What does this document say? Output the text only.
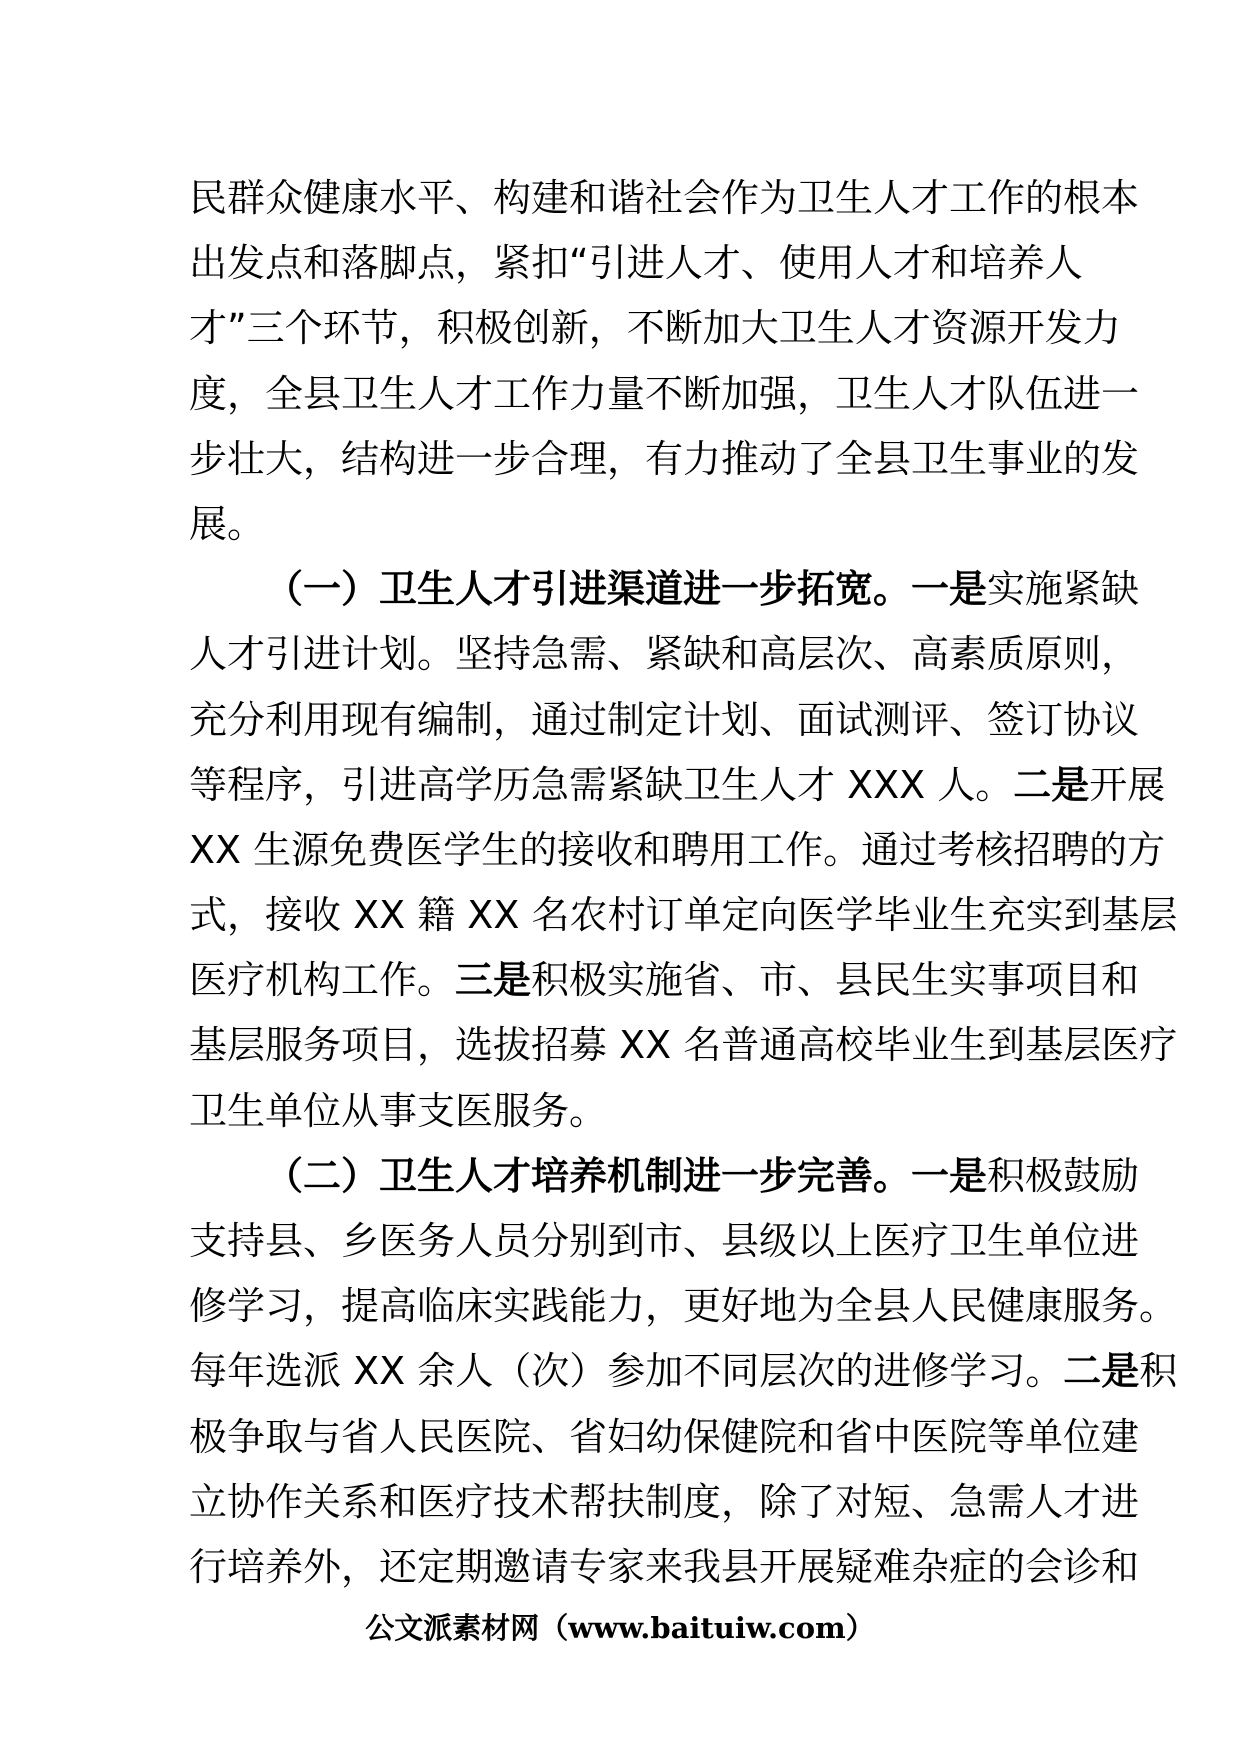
民群众健康水平、构建和谐社会作为卫生人才工作的根本
出发点和落脚点，紧扣“引进人才、使用人才和培养人
才”三个环节，积极创新，不断加大卫生人才资源开发力
度，全县卫生人才工作力量不断加强，卫生人才队伍进一
步壮大，结构进一步合理，有力推动了全县卫生事业的发
展。
（一）卫生人才引进渠道进一步拓宽。一是实施紧缺
人才引进计划。坚持急需、紧缺和高层次、高素质原则，
充分利用现有编制，通过制定计划、面试测评、签订协议
等程序，引进高学历急需紧缺卫生人才 XXX 人。二是开展
XX 生源免费医学生的接收和聘用工作。通过考核招聘的方
式，接收 XX 籍 XX 名农村订单定向医学毕业生充实到基层
医疗机构工作。三是积极实施省、市、县民生实事项目和
基层服务项目，选拔招募 XX 名普通高校毕业生到基层医疗
卫生单位从事支医服务。
（二）卫生人才培养机制进一步完善。一是积极鼓励
支持县、乡医务人员分别到市、县级以上医疗卫生单位进
修学习，提高临床实践能力，更好地为全县人民健康服务。
每年选派 XX 余人（次）参加不同层次的进修学习。二是积
极争取与省人民医院、省妇幼保健院和省中医院等单位建
立协作关系和医疗技术帮扶制度，除了对短、急需人才进
行培养外，还定期邀请专家来我县开展疑难杂症的会诊和
公文派素材网（www.baituiw.com）
